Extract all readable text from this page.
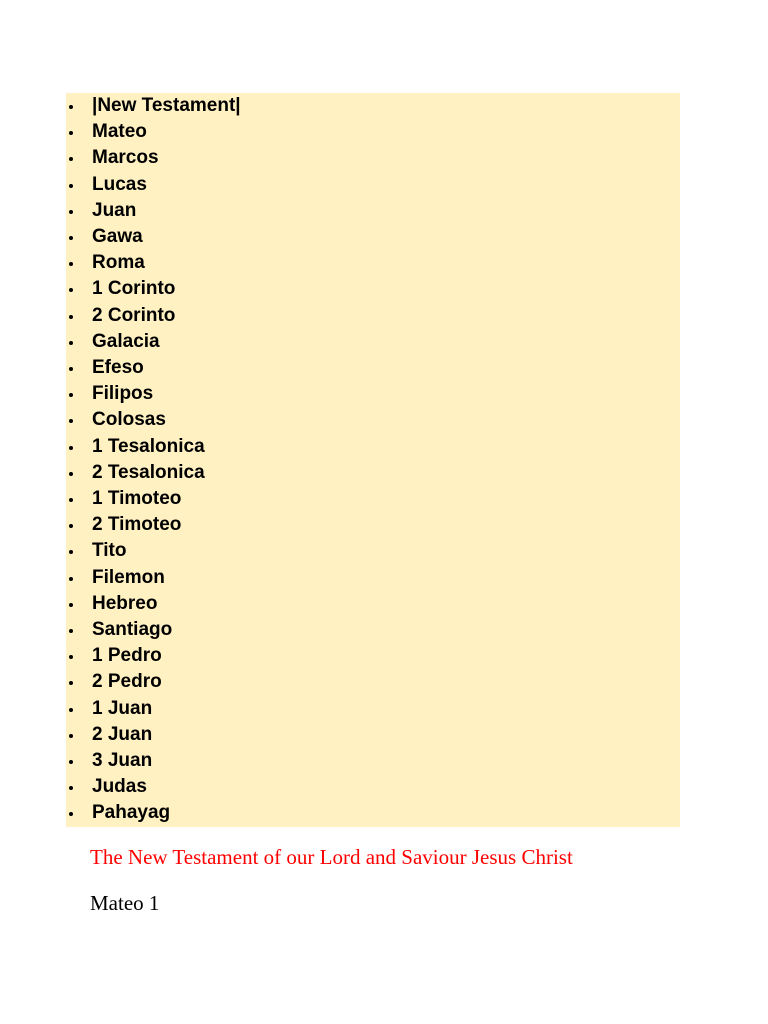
|New Testament|
Mateo
Marcos
Lucas
Juan
Gawa
Roma
1 Corinto
2 Corinto
Galacia
Efeso
Filipos
Colosas
1 Tesalonica
2 Tesalonica
1 Timoteo
2 Timoteo
Tito
Filemon
Hebreo
Santiago
1 Pedro
2 Pedro
1 Juan
2 Juan
3 Juan
Judas
Pahayag
The New Testament of our Lord and Saviour Jesus Christ

Mateo 1
